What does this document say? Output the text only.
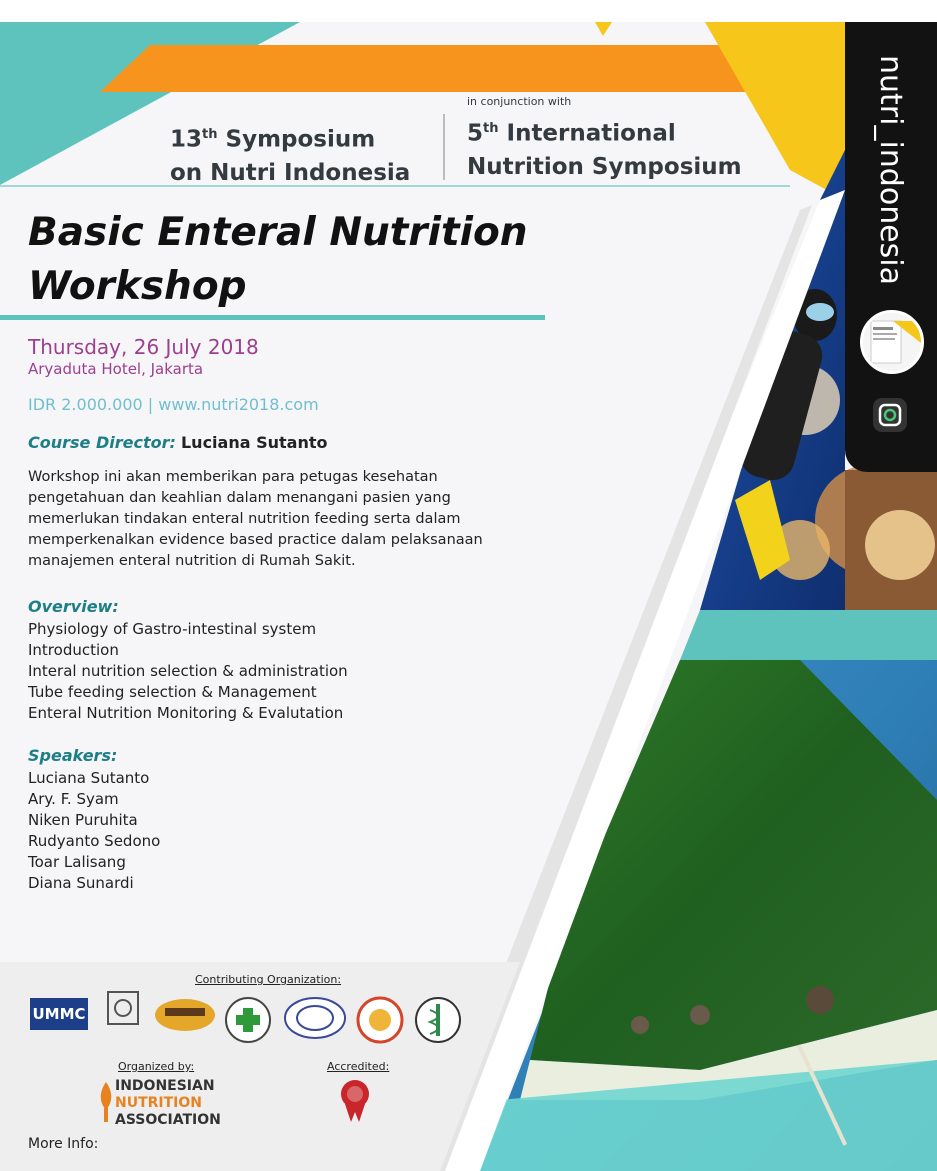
13th Symposium
on Nutri Indonesia
in conjunction with
5th International
Nutrition Symposium
Basic Enteral Nutrition
Workshop
Thursday, 26 July 2018
Aryaduta Hotel, Jakarta
IDR 2.000.000 | www.nutri2018.com
Course Director: Luciana Sutanto
Workshop ini akan memberikan para petugas kesehatan
pengetahuan dan keahlian dalam menangani pasien yang
memerlukan tindakan enteral nutrition feeding serta dalam
memperkenalkan evidence based practice dalam pelaksanaan
manajemen enteral nutrition di Rumah Sakit.
Overview:
Physiology of Gastro-intestinal system
Introduction
Interal nutrition selection & administration
Tube feeding selection & Management
Enteral Nutrition Monitoring & Evalutation
Speakers:
Luciana Sutanto
Ary. F. Syam
Niken Puruhita
Rudyanto Sedono
Toar Lalisang
Diana Sunardi
Contributing Organization:
UMMC
Organized by:	Accredited:
INDONESIAN
NUTRITION
ASSOCIATION
More Info:
nutri_indonesia
